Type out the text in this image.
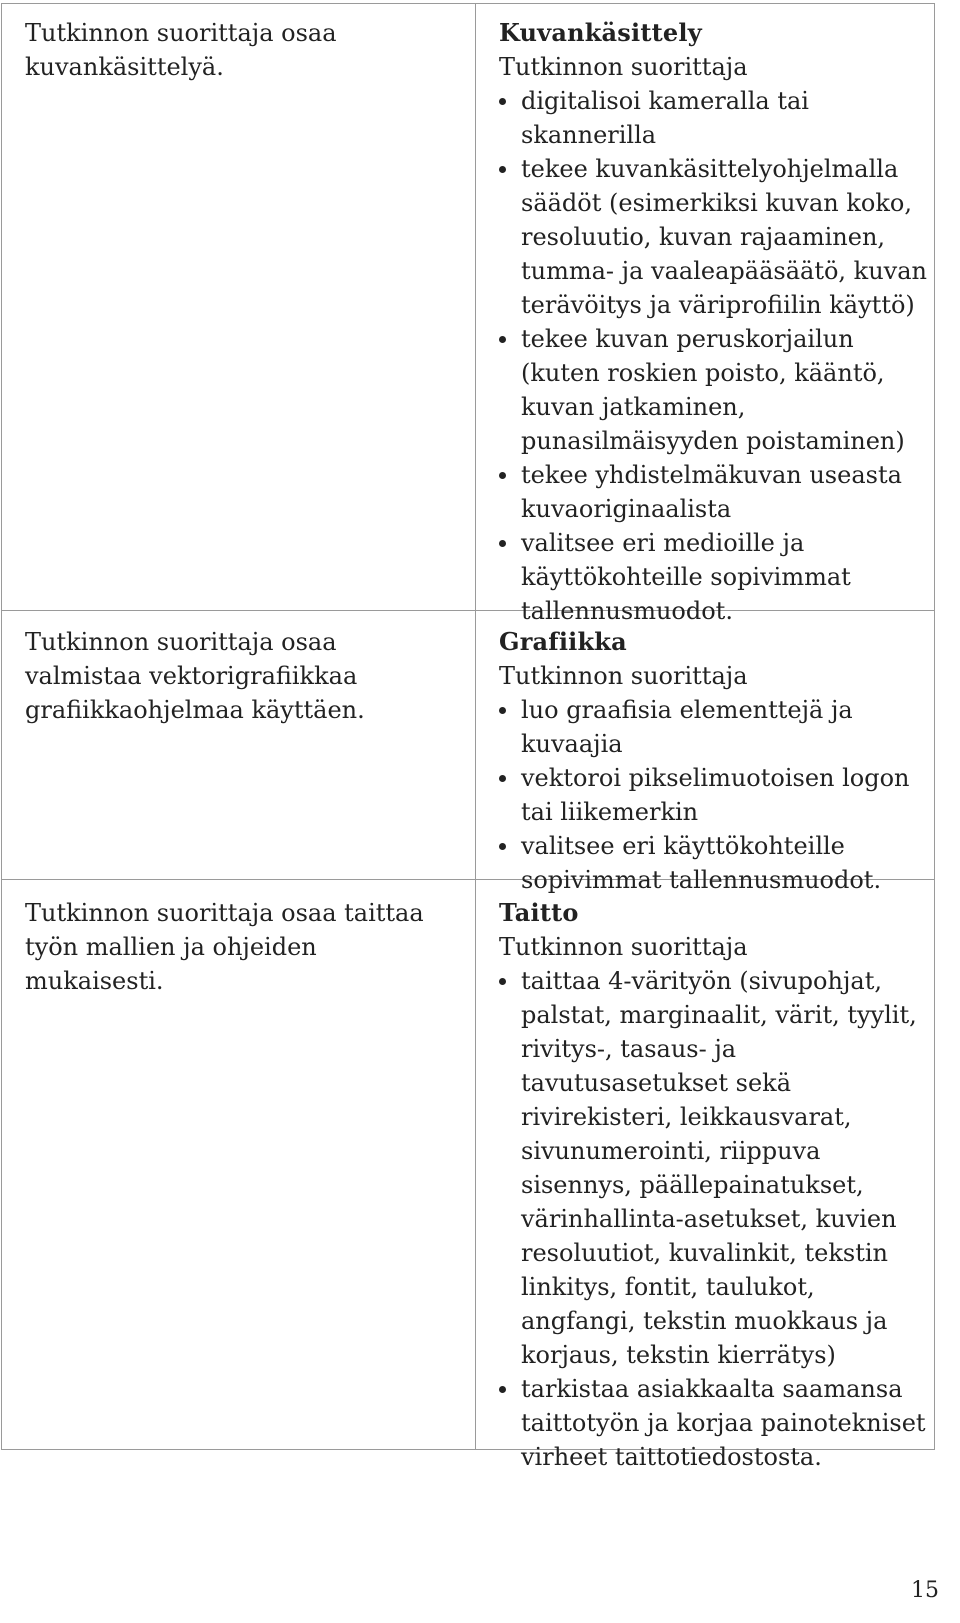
Tutkinnon suorittaja osaa kuvankäsittelyä.
Kuvankäsittely
Tutkinnon suorittaja
digitalisoi kameralla tai skannerilla
tekee kuvankäsittelyohjelmalla säädöt (esimerkiksi kuvan koko, resoluutio, kuvan rajaaminen, tumma- ja vaaleapääsäätö, kuvan terävöitys ja väriprofiilin käyttö)
tekee kuvan peruskorjailun (kuten roskien poisto, kääntö, kuvan jatkaminen, punasilmäisyyden poistaminen)
tekee yhdistelmäkuvan useasta kuvaoriginaalista
valitsee eri medioille ja käyttökohteille sopivimmat tallennusmuodot.
Tutkinnon suorittaja osaa valmistaa vektorigrafiikkaa grafiikkaohjelmaa käyttäen.
Grafiikka
Tutkinnon suorittaja
luo graafisia elementtejä ja kuvaajia
vektoroi pikselimuotoisen logon tai liikemerkin
valitsee eri käyttökohteille sopivimmat tallennusmuodot.
Tutkinnon suorittaja osaa taittaa työn mallien ja ohjeiden mukaisesti.
Taitto
Tutkinnon suorittaja
taittaa 4-värityön (sivupohjat, palstat, marginaalit, värit, tyylit, rivitys-, tasaus- ja tavutusasetukset sekä rivirekisteri, leikkausvarat, sivunumerointi, riippuva sisennys, päällepainatukset, värinhallinta-asetukset, kuvien resoluutiot, kuvalinkit, tekstin linkitys, fontit, taulukot, angfangi, tekstin muokkaus ja korjaus, tekstin kierrätys)
tarkistaa asiakkaalta saamansa taittotyön ja korjaa painotekniset virheet taittotiedostosta.
15
